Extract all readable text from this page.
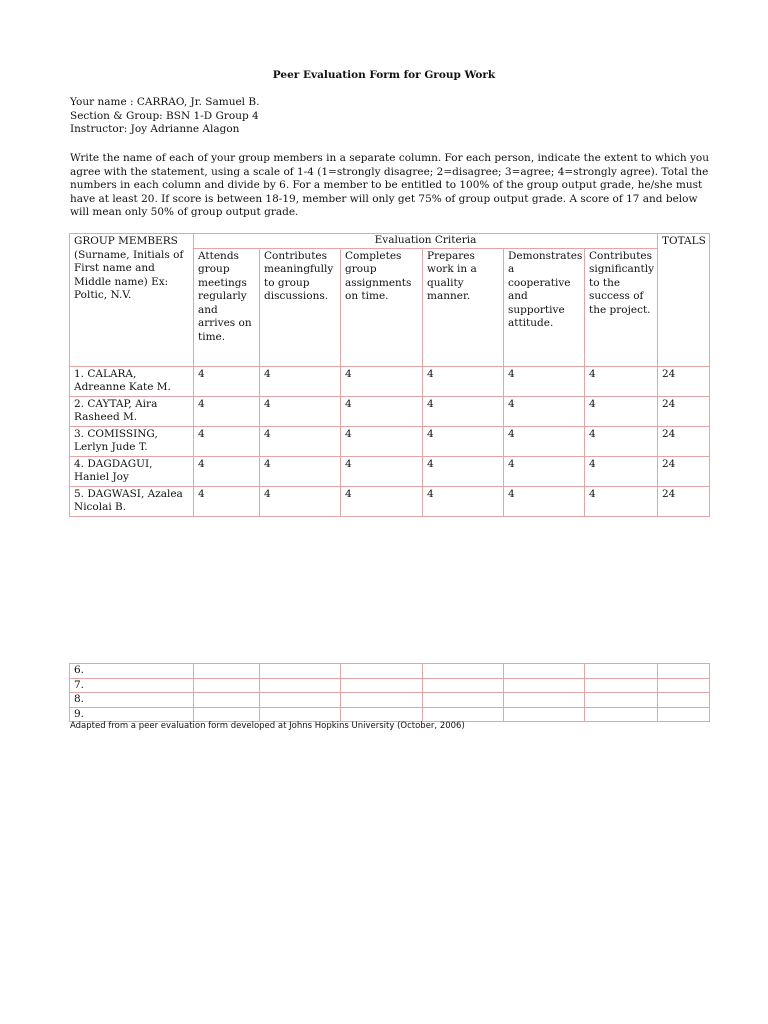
Peer Evaluation Form for Group Work
Your name : CARRAO, Jr. Samuel B.
Section & Group: BSN 1-D Group 4
Instructor: Joy Adrianne Alagon
Write the name of each of your group members in a separate column. For each person, indicate the extent to which you agree with the statement, using a scale of 1-4 (1=strongly disagree; 2=disagree; 3=agree; 4=strongly agree). Total the numbers in each column and divide by 6. For a member to be entitled to 100% of the group output grade, he/she must have at least 20. If score is between 18-19, member will only get 75% of group output grade. A score of 17 and below will mean only 50% of group output grade.
GROUP MEMBERS (Surname, Initials of First name and Middle name) Ex: Poltic, N.V.	Evaluation Criteria						TOTALS
	Attends group meetings regularly and arrives on time.	Contributes meaningfully to group discussions.	Completes group assignments on time.	Prepares work in a quality manner.	Demonstrates a cooperative and supportive attitude.	Contributes significantly to the success of the project.	
1. CALARA, Adreanne Kate M.	4	4	4	4	4	4	24
2. CAYTAP, Aira Rasheed M.	4	4	4	4	4	4	24
3. COMISSING, Lerlyn Jude T.	4	4	4	4	4	4	24
4. DAGDAGUI, Haniel Joy	4	4	4	4	4	4	24
5. DAGWASI, Azalea Nicolai B.	4	4	4	4	4	4	24
6.							
7.							
8.							
9.							
Adapted from a peer evaluation form developed at Johns Hopkins University (October, 2006)
